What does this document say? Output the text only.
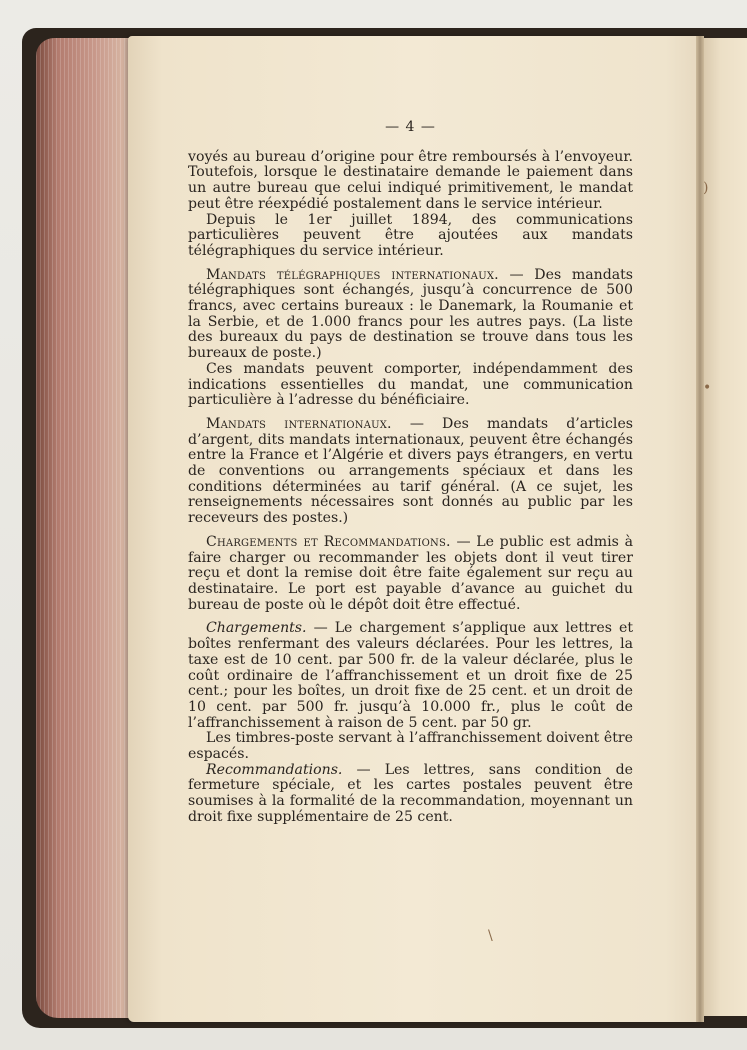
)
•
\
— 4 —

voyés au bureau d’origine pour être remboursés à l’envoyeur. Toutefois, lorsque le destinataire demande le paiement dans un autre bureau que celui indiqué primitivement, le mandat peut être réexpédié postalement dans le service intérieur.

Depuis le 1er juillet 1894, des communications particulières peuvent être ajoutées aux mandats télégraphiques du service intérieur.

Mandats télégraphiques internationaux. — Des mandats télégraphiques sont échangés, jusqu’à concurrence de 500 francs, avec certains bureaux : le Danemark, la Roumanie et la Serbie, et de 1.000 francs pour les autres pays. (La liste des bureaux du pays de destination se trouve dans tous les bureaux de poste.)

Ces mandats peuvent comporter, indépendamment des indications essentielles du mandat, une communication particulière à l’adresse du bénéficiaire.

Mandats internationaux. — Des mandats d’articles d’argent, dits mandats internationaux, peuvent être échangés entre la France et l’Algérie et divers pays étrangers, en vertu de conventions ou arrangements spéciaux et dans les conditions déterminées au tarif général. (A ce sujet, les renseignements nécessaires sont donnés au public par les receveurs des postes.)

Chargements et Recommandations. — Le public est admis à faire charger ou recommander les objets dont il veut tirer reçu et dont la remise doit être faite également sur reçu au destinataire. Le port est payable d’avance au guichet du bureau de poste où le dépôt doit être effectué.

Chargements. — Le chargement s’applique aux lettres et boîtes renfermant des valeurs déclarées. Pour les lettres, la taxe est de 10 cent. par 500 fr. de la valeur déclarée, plus le coût ordinaire de l’affranchissement et un droit fixe de 25 cent.; pour les boîtes, un droit fixe de 25 cent. et un droit de 10 cent. par 500 fr. jusqu’à 10.000 fr., plus le coût de l’affranchissement à raison de 5 cent. par 50 gr.

Les timbres-poste servant à l’affranchissement doivent être espacés.

Recommandations. — Les lettres, sans condition de fermeture spéciale, et les cartes postales peuvent être soumises à la formalité de la recommandation, moyennant un droit fixe supplémentaire de 25 cent.
